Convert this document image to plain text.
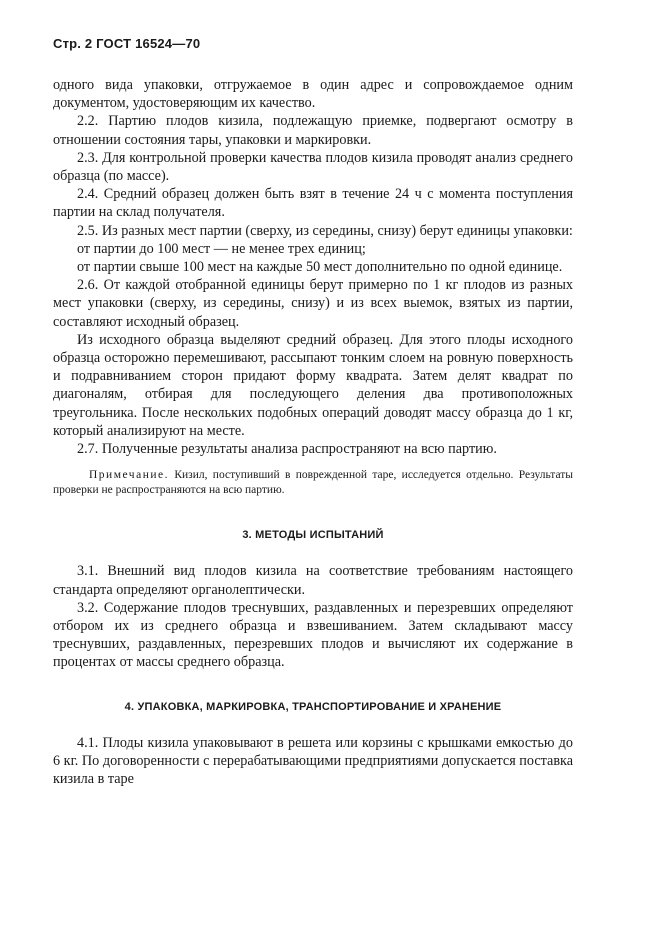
Стр. 2 ГОСТ 16524—70

одного вида упаковки, отгружаемое в один адрес и сопровождаемое одним документом, удостоверяющим их качество.

2.2. Партию плодов кизила, подлежащую приемке, подвергают осмотру в отношении состояния тары, упаковки и маркировки.

2.3. Для контрольной проверки качества плодов кизила проводят анализ среднего образца (по массе).

2.4. Средний образец должен быть взят в течение 24 ч с момента поступления партии на склад получателя.

2.5. Из разных мест партии (сверху, из середины, снизу) берут единицы упаковки:

от партии до 100 мест — не менее трех единиц;

от партии свыше 100 мест на каждые 50 мест дополнительно по одной единице.

2.6. От каждой отобранной единицы берут примерно по 1 кг плодов из разных мест упаковки (сверху, из середины, снизу) и из всех выемок, взятых из партии, составляют исходный образец.

Из исходного образца выделяют средний образец. Для этого плоды исходного образца осторожно перемешивают, рассыпают тонким слоем на ровную поверхность и подравниванием сторон придают форму квадрата. Затем делят квадрат по диагоналям, отбирая для последующего деления два противоположных треугольника. После нескольких подобных операций доводят массу образца до 1 кг, который анализируют на месте.

2.7. Полученные результаты анализа распространяют на всю партию.

Примечание. Кизил, поступивший в поврежденной таре, исследуется отдельно. Результаты проверки не распространяются на всю партию.

3. МЕТОДЫ ИСПЫТАНИЙ

3.1. Внешний вид плодов кизила на соответствие требованиям настоящего стандарта определяют органолептически.

3.2. Содержание плодов треснувших, раздавленных и перезревших определяют отбором их из среднего образца и взвешиванием. Затем складывают массу треснувших, раздавленных, перезревших плодов и вычисляют их содержание в процентах от массы среднего образца.

4. УПАКОВКА, МАРКИРОВКА, ТРАНСПОРТИРОВАНИЕ И ХРАНЕНИЕ

4.1. Плоды кизила упаковывают в решета или корзины с крышками емкостью до 6 кг. По договоренности с перерабатывающими предприятиями допускается поставка кизила в таре
